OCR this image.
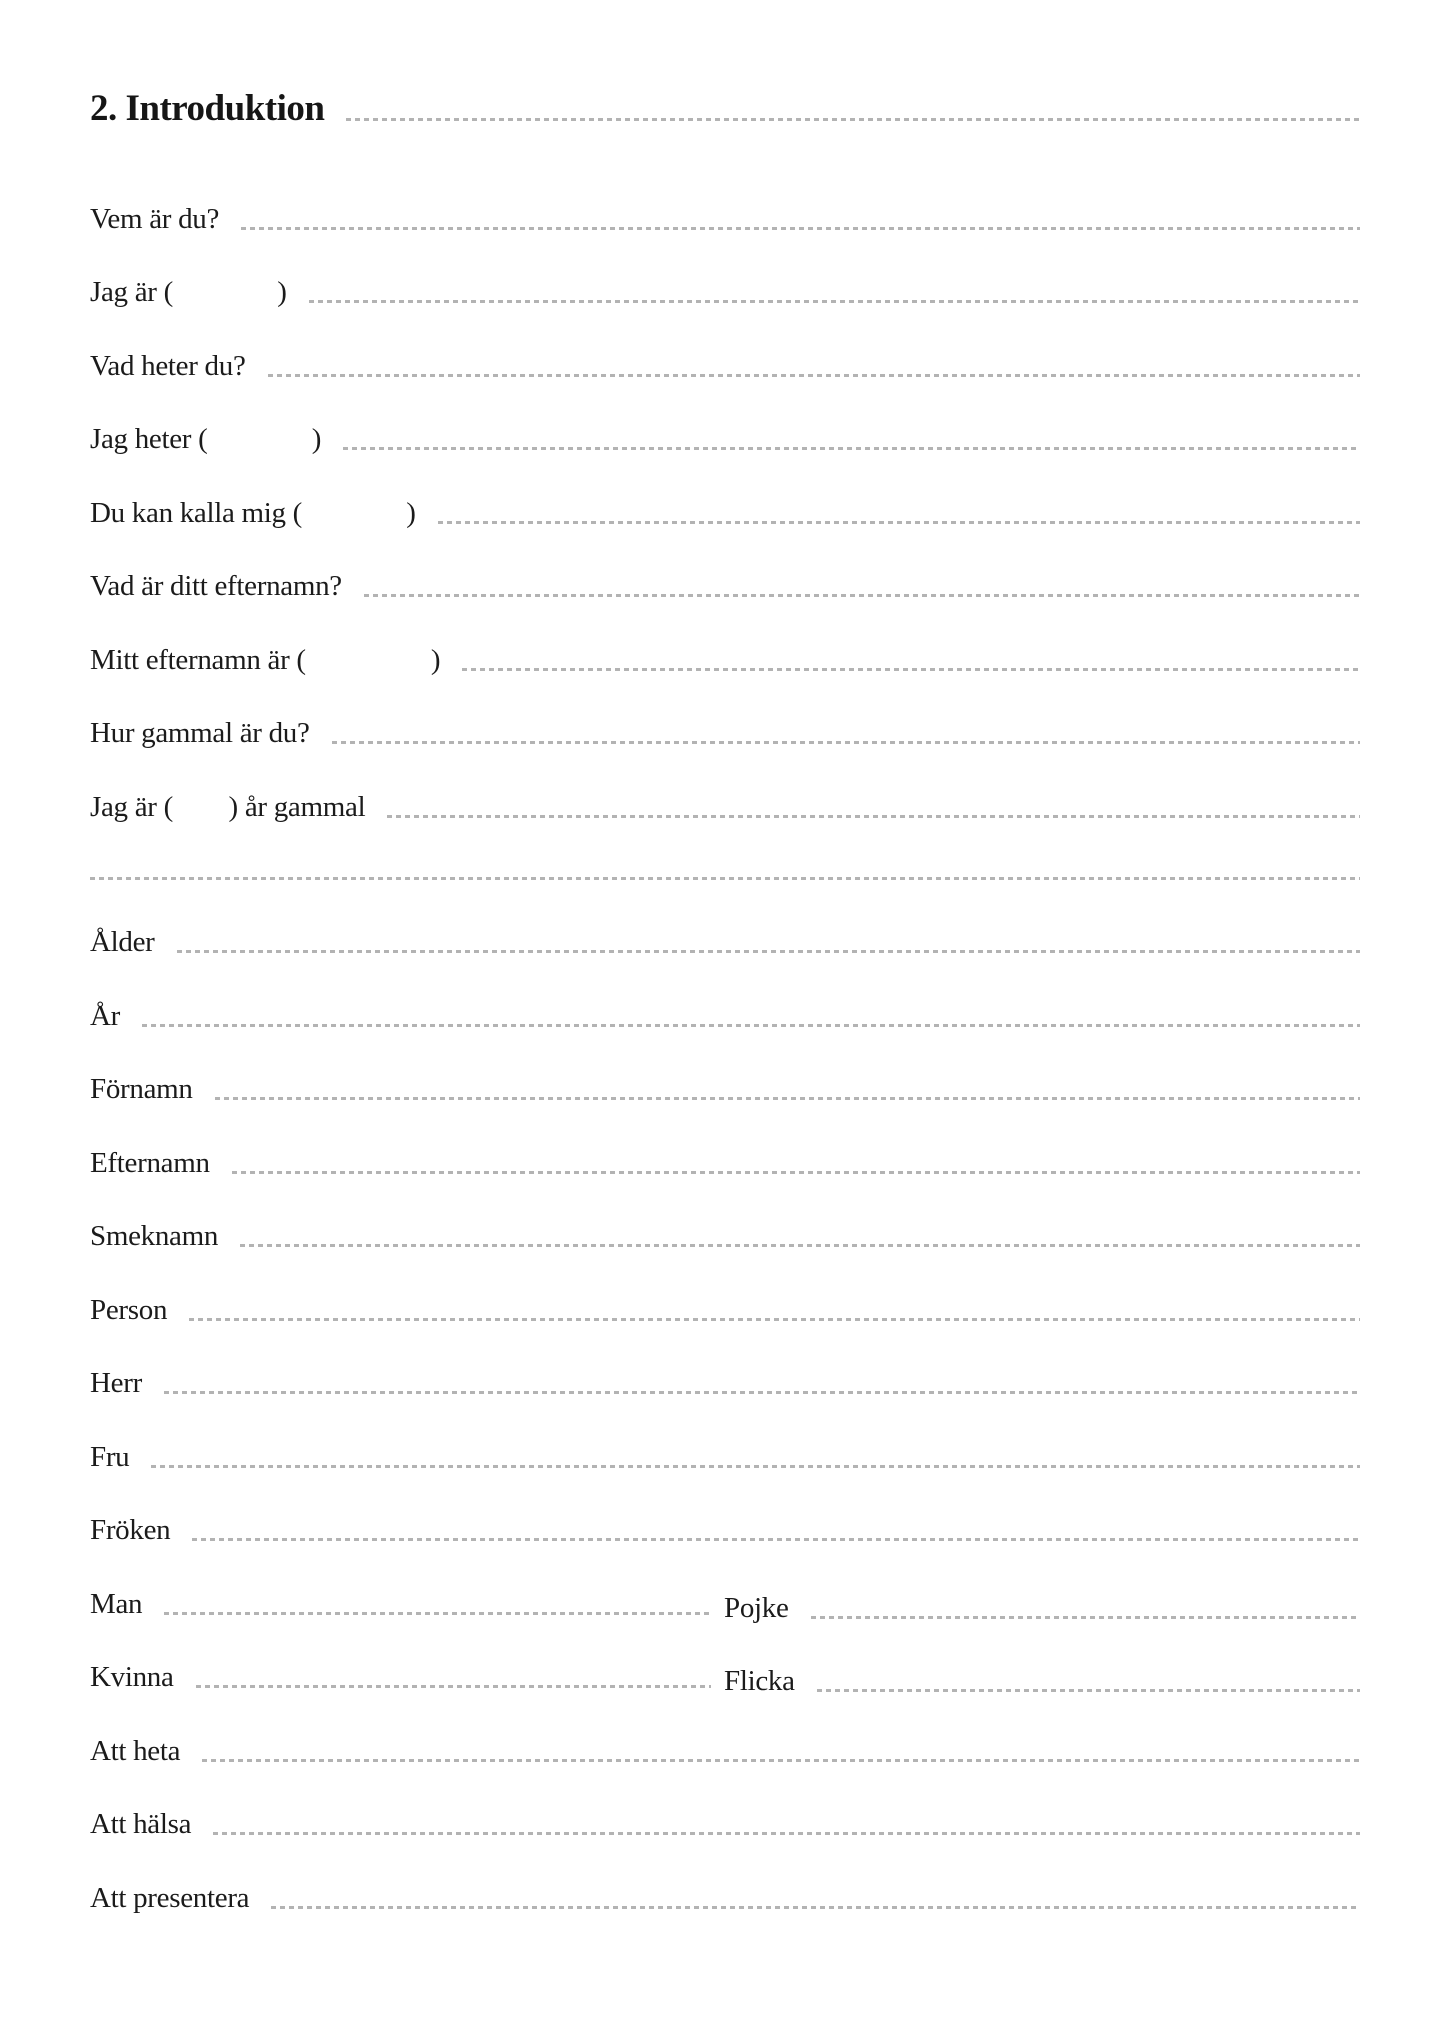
2. Introduktion
Vem är du?
Jag är (               )
Vad heter du?
Jag heter (               )
Du kan kalla mig (               )
Vad är ditt efternamn?
Mitt efternamn är (                  )
Hur gammal är du?
Jag är (        ) år gammal
Ålder
År
Förnamn
Efternamn
Smeknamn
Person
Herr
Fru
Fröken
Man	Pojke
Kvinna	Flicka
Att heta
Att hälsa
Att presentera
